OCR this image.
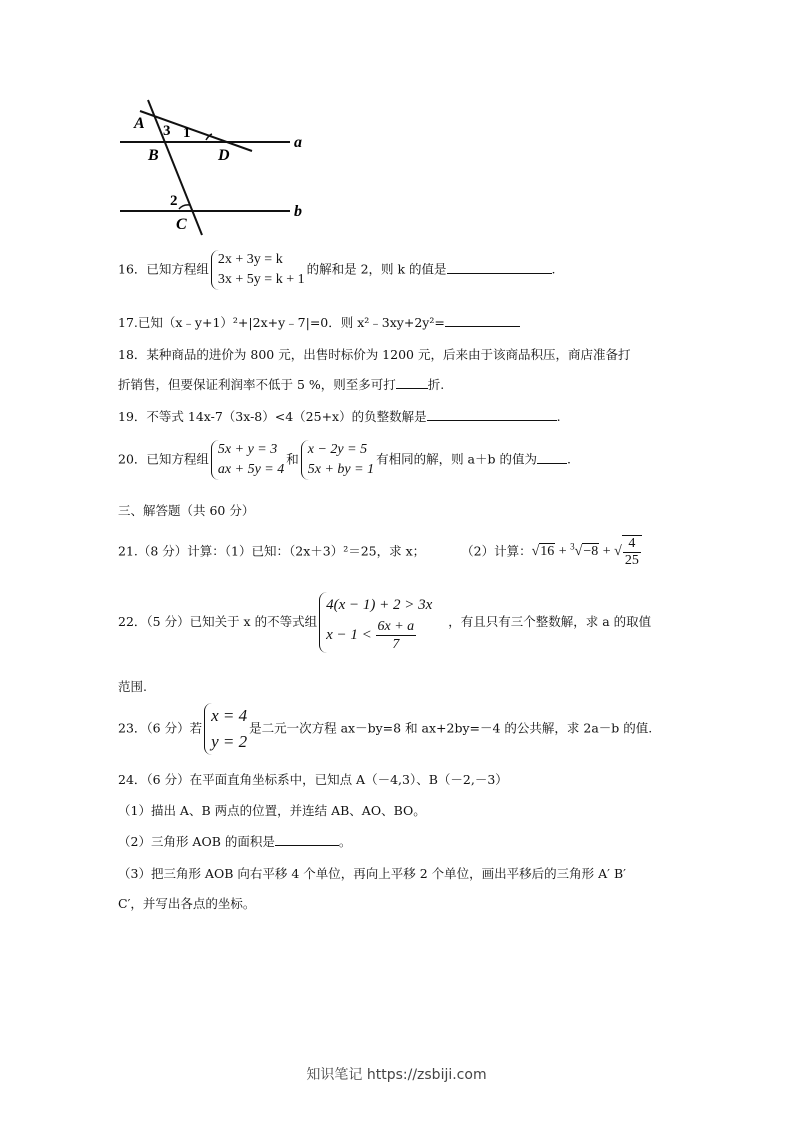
A 3 1
B	D
a
2
C
b
16．已知方程组
2x + 3y = k
3x + 5y = k + 1
的解和是 2，则 k 的值是	.
17.已知（x﹣y+1）²+|2x+y﹣7|=0．则 x²﹣3xy+2y²=
18．某种商品的进价为 800 元，出售时标价为 1200 元，后来由于该商品积压，商店准备打
折销售，但要保证利润率不低于 5 %，则至多可打	折.
19．不等式 14x-7（3x-8）<4（25+x）的负整数解是	.
20．已知方程组
5x + y = 3
ax + 5y = 4
和
x − 2y = 5
5x + by = 1
有相同的解，则 a＋b 的值为 .
三、解答题（共 60 分）
21.（8 分）计算：（1）已知：（2x＋3）²＝25，求 x；	（2）计算：√16 + $^3$√−8 + √ $\frac{4}{25}$
22．（5 分）已知关于 x 的不等式组
4(x − 1) + 2 > 3x
$x - 1 < \frac{6x + a}{7}$	，有且只有三个整数解，求 a 的取值
范围.
23．（6 分）若
x = 4
y = 2
是二元一次方程 ax－by=8 和 ax+2by=－4 的公共解，求 2a－b 的值.
24．（6 分）在平面直角坐标系中，已知点 A（－4,3）、B（－2,－3）
（1）描出 A、B 两点的位置，并连结 AB、AO、BO。
（2）三角形 AOB 的面积是	。
（3）把三角形 AOB 向右平移 4 个单位，再向上平移 2 个单位，画出平移后的三角形 A′ B′
C′，并写出各点的坐标。
知识笔记 https://zsbiji.com
